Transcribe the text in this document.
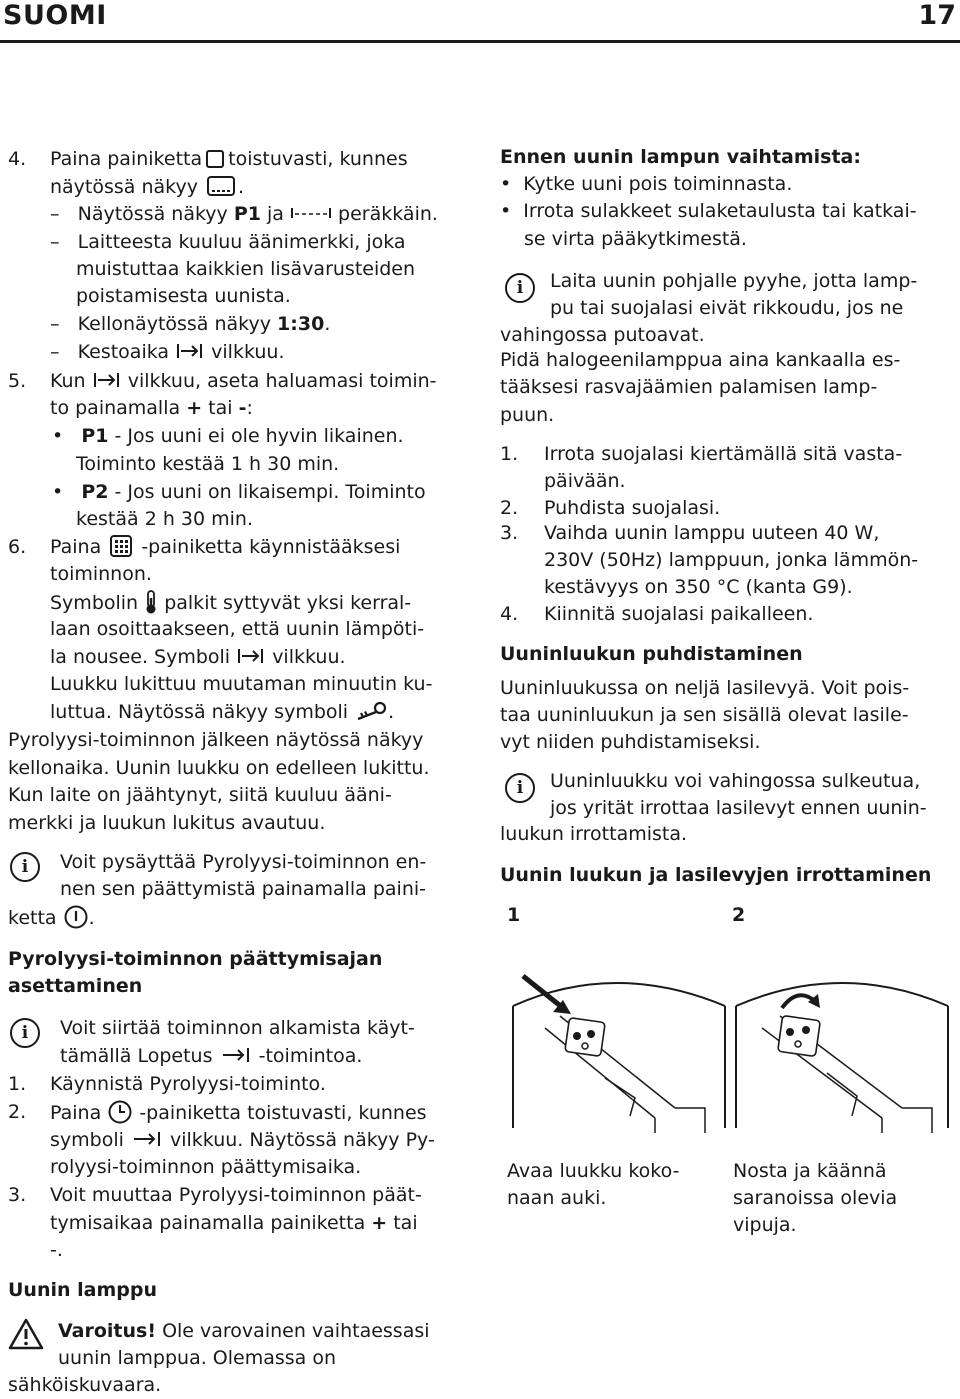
SUOMI	17
4. Paina painiketta toistuvasti, kunnes
näytössä näkyy .
–   Näytössä näkyy P1 ja	peräkkäin.
–   Laitteesta kuuluu äänimerkki, joka
muistuttaa kaikkien lisävarusteiden
poistamisesta uunista.
–   Kellonäytössä näkyy 1:30.
–   Kestoaika vilkkuu.
5. Kun vilkkuu, aseta haluamasi toimin-
to painamalla + tai -:
•   P1 - Jos uuni ei ole hyvin likainen.
Toiminto kestää 1 h 30 min.
•   P2 - Jos uuni on likaisempi. Toiminto
kestää 2 h 30 min.
6. Paina -painiketta käynnistääksesi
toiminnon.
Symbolin palkit syttyvät yksi kerral-
laan osoittaakseen, että uunin lämpöti-
la nousee. Symboli vilkkuu.
Luukku lukittuu muutaman minuutin ku-
luttua. Näytössä näkyy symboli .
Pyrolyysi-toiminnon jälkeen näytössä näkyy
kellonaika. Uunin luukku on edelleen lukittu.
Kun laite on jäähtynyt, siitä kuuluu ääni-
merkki ja luukun lukitus avautuu.
i	Voit pysäyttää Pyrolyysi-toiminnon en-
nen sen päättymistä painamalla paini-
ketta .
Pyrolyysi-toiminnon päättymisajan
asettaminen
i	Voit siirtää toiminnon alkamista käyt-
tämällä Lopetus -toimintoa.
1. Käynnistä Pyrolyysi-toiminto.
2. Paina -painiketta toistuvasti, kunnes
symboli vilkkuu. Näytössä näkyy Py-
rolyysi-toiminnon päättymisaika.
3. Voit muuttaa Pyrolyysi-toiminnon päät-
tymisaikaa painamalla painiketta + tai
-.
Uunin lamppu
Varoitus! Ole varovainen vaihtaessasi
uunin lamppua. Olemassa on
sähköiskuvaara.
Ennen uunin lampun vaihtamista:
•  Kytke uuni pois toiminnasta.
•  Irrota sulakkeet sulaketaulusta tai katkai-
se virta pääkytkimestä.
i	Laita uunin pohjalle pyyhe, jotta lamp-
pu tai suojalasi eivät rikkoudu, jos ne
vahingossa putoavat.
Pidä halogeenilamppua aina kankaalla es-
tääksesi rasvajäämien palamisen lamp-
puun.
1. Irrota suojalasi kiertämällä sitä vasta-
päivään.
2. Puhdista suojalasi.
3. Vaihda uunin lamppu uuteen 40 W,
230V (50Hz) lamppuun, jonka lämmön-
kestävyys on 350 °C (kanta G9).
4. Kiinnitä suojalasi paikalleen.
Uuninluukun puhdistaminen
Uuninluukussa on neljä lasilevyä. Voit pois-
taa uuninluukun ja sen sisällä olevat lasile-
vyt niiden puhdistamiseksi.
i	Uuninluukku voi vahingossa sulkeutua,
jos yrität irrottaa lasilevyt ennen uunin-
luukun irrottamista.
Uunin luukun ja lasilevyjen irrottaminen
1	2
Avaa luukku koko-
naan auki.
Nosta ja käännä
saranoissa olevia
vipuja.
